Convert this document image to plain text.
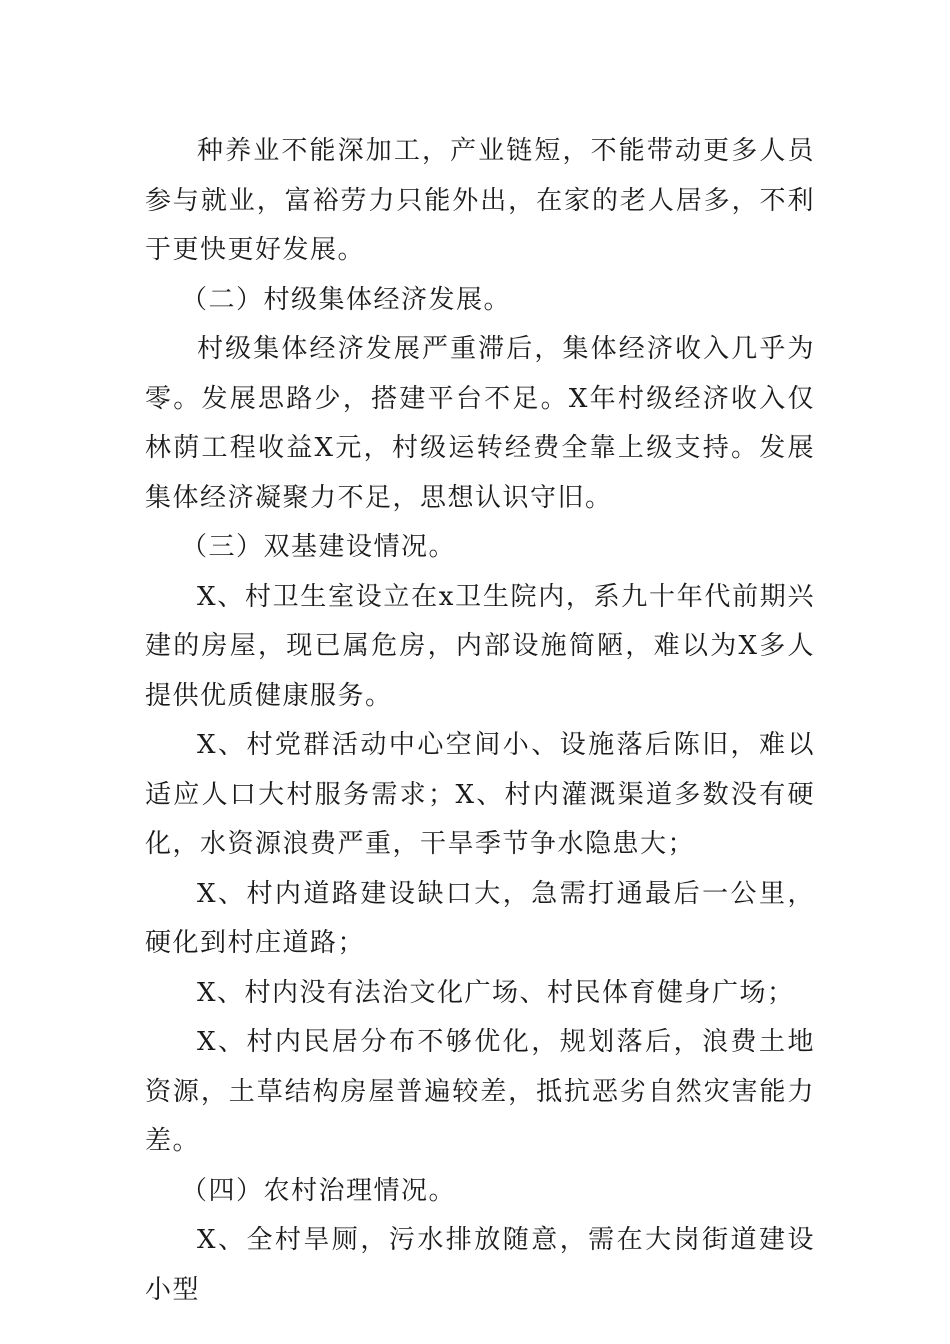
种养业不能深加工，产业链短，不能带动更多人员参与就业，富裕劳力只能外出，在家的老人居多，不利于更快更好发展。

（二）村级集体经济发展。

村级集体经济发展严重滞后，集体经济收入几乎为零。发展思路少，搭建平台不足。X年村级经济收入仅林荫工程收益X元，村级运转经费全靠上级支持。发展集体经济凝聚力不足，思想认识守旧。

（三）双基建设情况。

X、村卫生室设立在x卫生院内，系九十年代前期兴建的房屋，现已属危房，内部设施简陋，难以为X多人提供优质健康服务。

X、村党群活动中心空间小、设施落后陈旧，难以适应人口大村服务需求；X、村内灌溉渠道多数没有硬化，水资源浪费严重，干旱季节争水隐患大；

X、村内道路建设缺口大，急需打通最后一公里，硬化到村庄道路；

X、村内没有法治文化广场、村民体育健身广场；

X、村内民居分布不够优化，规划落后，浪费土地资源，土草结构房屋普遍较差，抵抗恶劣自然灾害能力差。

（四）农村治理情况。

X、全村旱厕，污水排放随意，需在大岗街道建设小型
